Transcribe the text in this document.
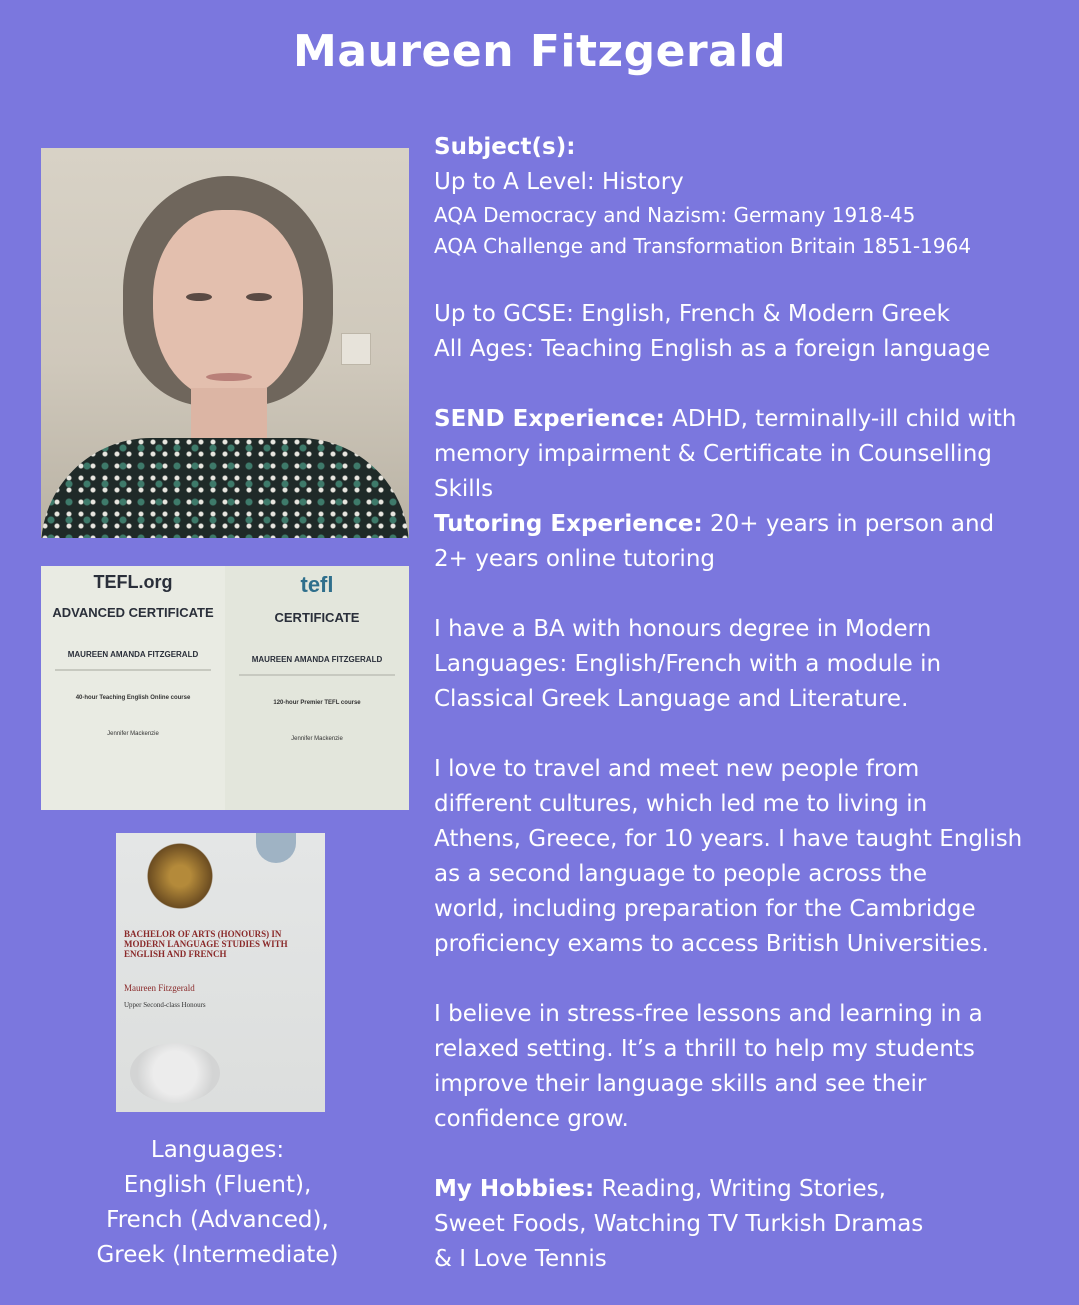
Maureen Fitzgerald
TEFL.org
ADVANCED CERTIFICATE
MAUREEN AMANDA FITZGERALD
40-hour Teaching English Online course
Jennifer Mackenzie
tefl
CERTIFICATE
MAUREEN AMANDA FITZGERALD
120-hour Premier TEFL course
Jennifer Mackenzie
BACHELOR OF ARTS (HONOURS) IN MODERN LANGUAGE STUDIES WITH ENGLISH AND FRENCH
Maureen Fitzgerald
Upper Second-class Honours
Languages:
English (Fluent),
French (Advanced),
Greek (Intermediate)

Subject(s):

Up to A Level: History

AQA Democracy and Nazism: Germany 1918-45

AQA Challenge and Transformation Britain 1851-1964

Up to GCSE: English, French & Modern Greek

All Ages: Teaching English as a foreign language

SEND Experience: ADHD, terminally-ill child with

memory impairment & Certificate in Counselling

Skills

Tutoring Experience: 20+ years in person and

2+ years online tutoring

I have a BA with honours degree in Modern

Languages: English/French with a module in

Classical Greek Language and Literature.

I love to travel and meet new people from

different cultures, which led me to living in

Athens, Greece, for 10 years. I have taught English

as a second language to people across the

world, including preparation for the Cambridge

proficiency exams to access British Universities.

I believe in stress-free lessons and learning in a

relaxed setting. It’s a thrill to help my students

improve their language skills and see their

confidence grow.

My Hobbies: Reading, Writing Stories,

Sweet Foods, Watching TV Turkish Dramas

& I Love Tennis
